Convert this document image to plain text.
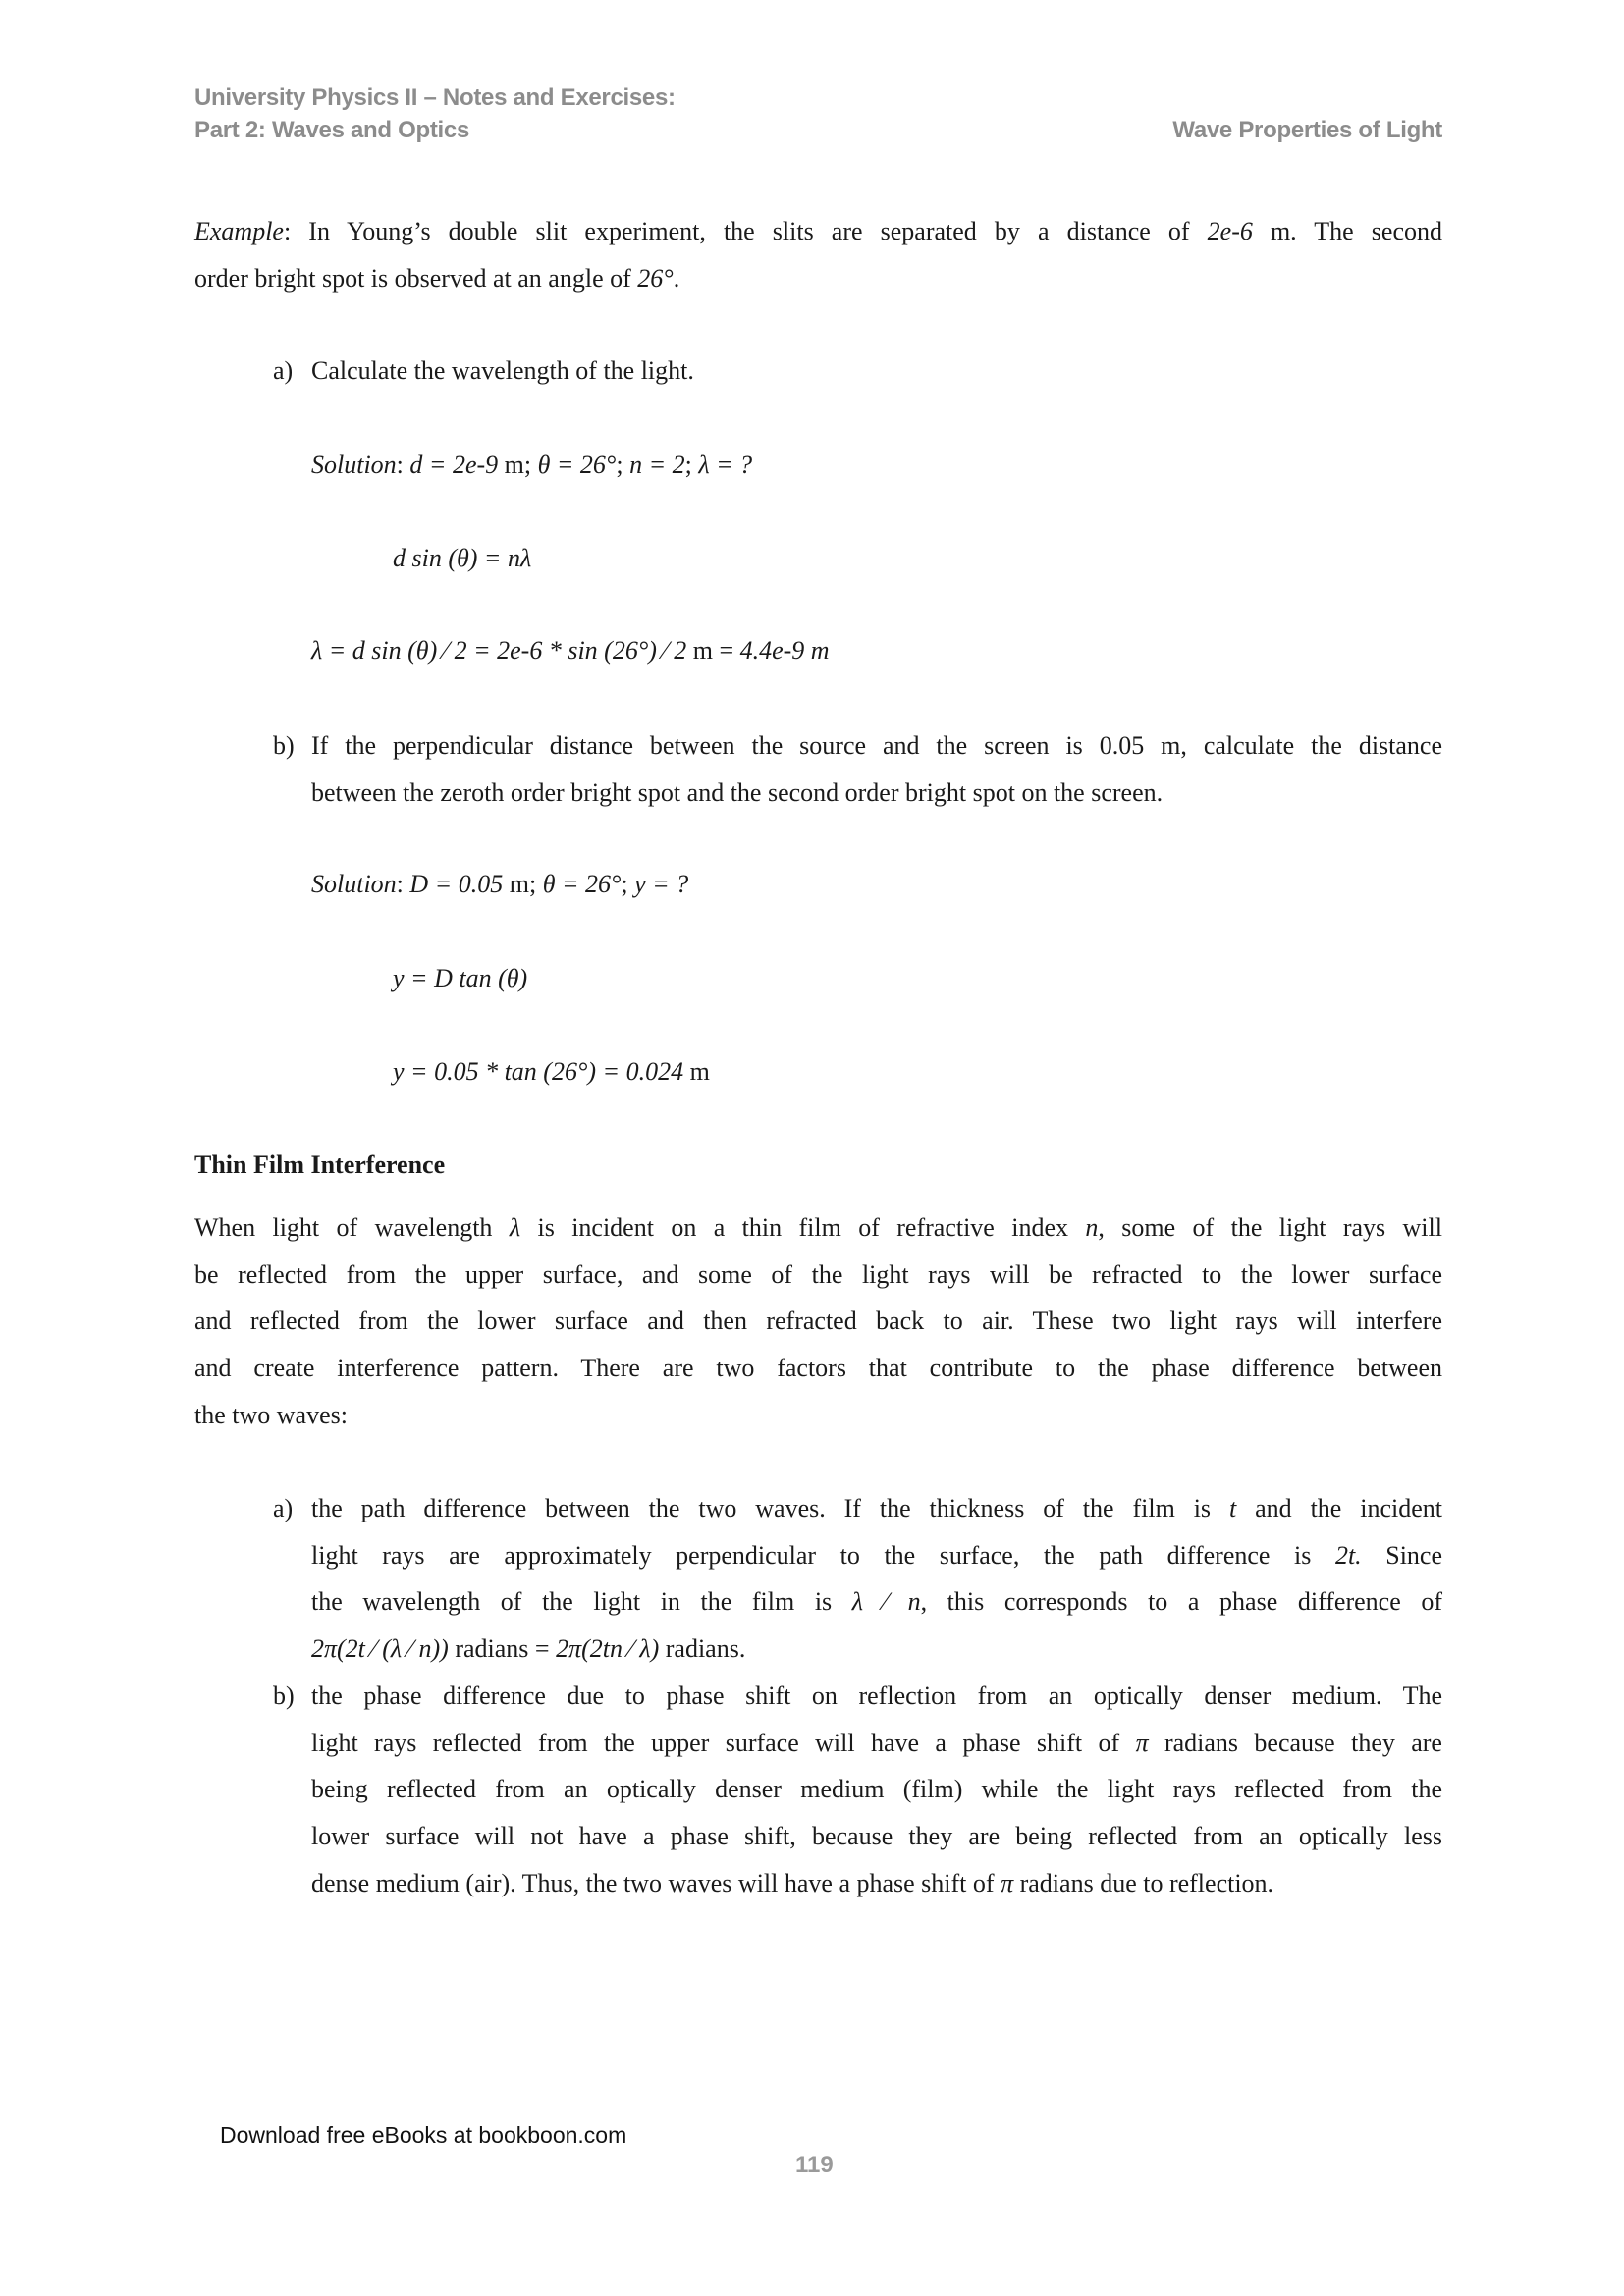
University Physics II – Notes and Exercises:
Part 2: Waves and Optics	Wave Properties of Light
Example: In Young’s double slit experiment, the slits are separated by a distance of 2e-6 m. The second
order bright spot is observed at an angle of 26°.
a) Calculate the wavelength of the light.
Solution: d = 2e-9 m; θ = 26°; n = 2; λ = ?
d sin (θ) = nλ
λ = d sin (θ) ⁄ 2 = 2e-6 * sin (26°) ⁄ 2 m = 4.4e-9 m
b) If the perpendicular distance between the source and the screen is 0.05 m, calculate the distance
between the zeroth order bright spot and the second order bright spot on the screen.
Solution: D = 0.05 m; θ = 26°; y = ?
y = D tan (θ)
y = 0.05 * tan (26°) = 0.024 m
Thin Film Interference
When light of wavelength λ is incident on a thin film of refractive index n, some of the light rays will
be reflected from the upper surface, and some of the light rays will be refracted to the lower surface
and reflected from the lower surface and then refracted back to air. These two light rays will interfere
and create interference pattern. There are two factors that contribute to the phase difference between
the two waves:
a) the path difference between the two waves. If the thickness of the film is t and the incident
light rays are approximately perpendicular to the surface, the path difference is 2t. Since
the wavelength of the light in the film is λ ⁄ n, this corresponds to a phase difference of
2π(2t ⁄ (λ ⁄ n)) radians = 2π(2tn ⁄ λ) radians.
b) the phase difference due to phase shift on reflection from an optically denser medium. The
light rays reflected from the upper surface will have a phase shift of π radians because they are
being reflected from an optically denser medium (film) while the light rays reflected from the
lower surface will not have a phase shift, because they are being reflected from an optically less
dense medium (air). Thus, the two waves will have a phase shift of π radians due to reflection.
Download free eBooks at bookboon.com
119
